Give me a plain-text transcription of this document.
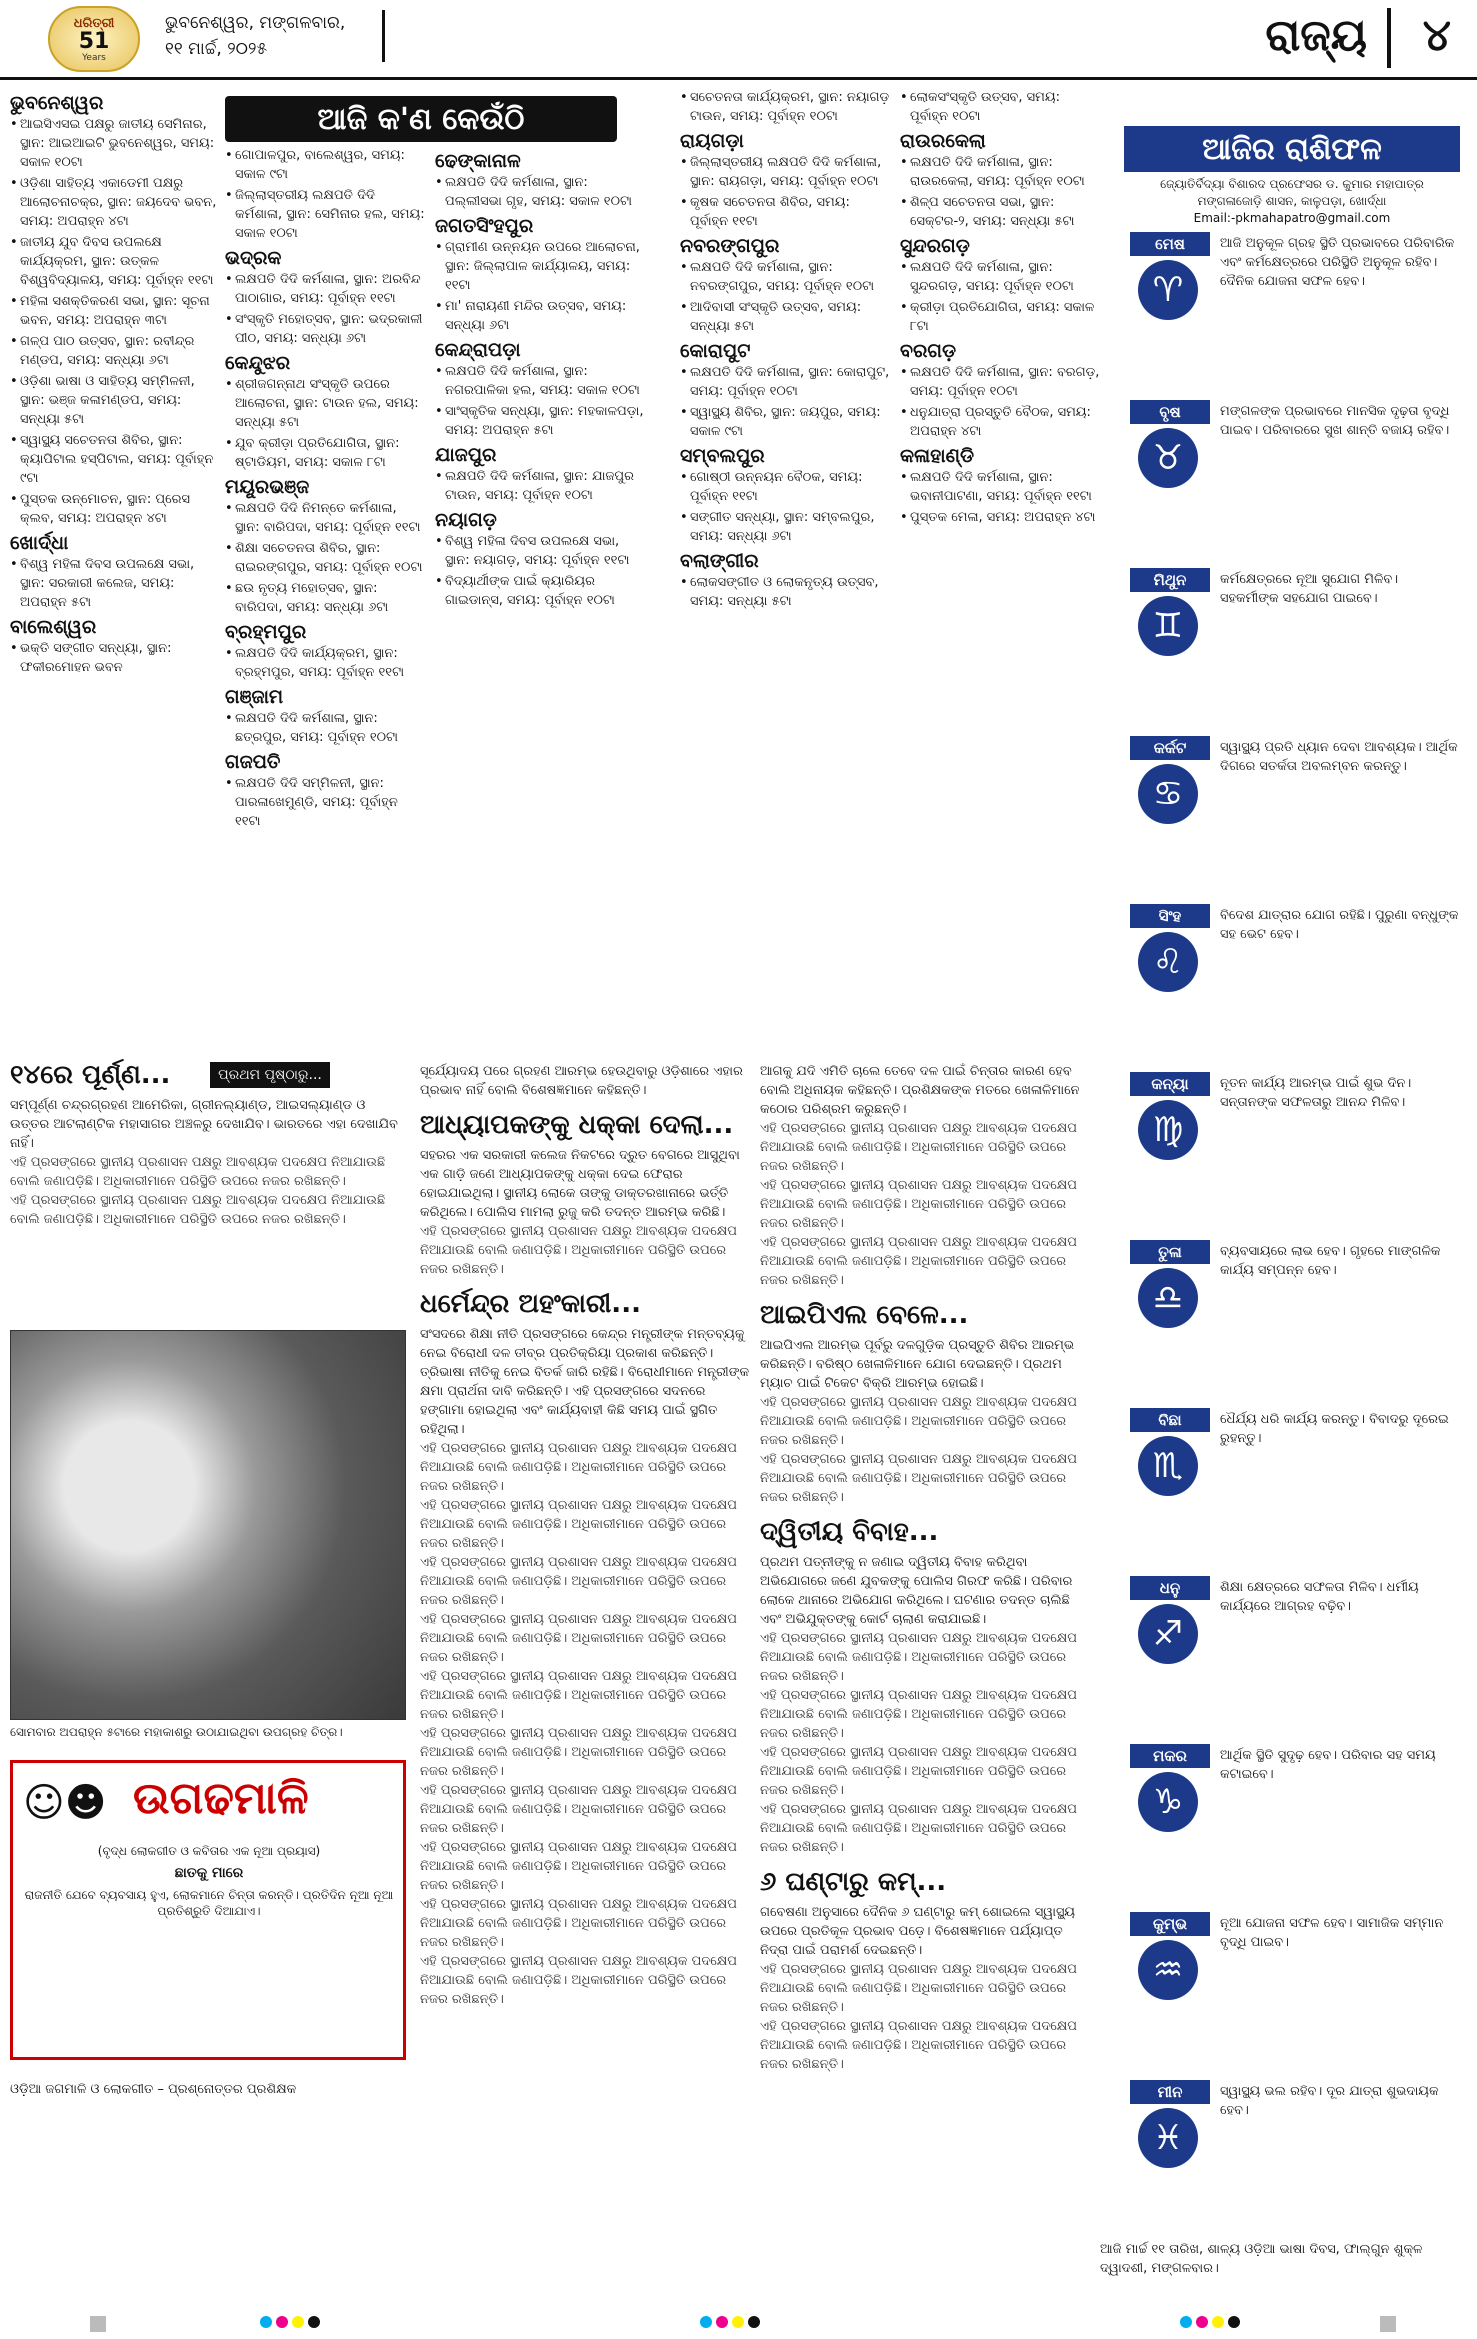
ଧରିତ୍ରୀ
51
Years
ଭୁବନେଶ୍ୱର, ମଙ୍ଗଳବାର,
୧୧ ମାର୍ଚ୍ଚ, ୨୦୨୫	ରାଜ୍ୟ ୪
ଆଜି କ'ଣ କେଉଁଠି
ଭୁବନେଶ୍ୱର
• ଆଇସିଏସଇ ପକ୍ଷରୁ ଜାତୀୟ ସେମିନାର, ସ୍ଥାନ: ଆଇଆଇଟି ଭୁବନେଶ୍ୱର, ସମୟ: ସକାଳ ୧୦ଟା
• ଓଡ଼ିଶା ସାହିତ୍ୟ ଏକାଡେମୀ ପକ୍ଷରୁ ଆଲୋଚନାଚକ୍ର, ସ୍ଥାନ: ଜୟଦେବ ଭବନ, ସମୟ: ଅପରାହ୍ନ ୪ଟା
• ଜାତୀୟ ଯୁବ ଦିବସ ଉପଲକ୍ଷେ କାର୍ଯ୍ୟକ୍ରମ, ସ୍ଥାନ: ଉତ୍କଳ ବିଶ୍ୱବିଦ୍ୟାଳୟ, ସମୟ: ପୂର୍ବାହ୍ନ ୧୧ଟା
• ମହିଳା ସଶକ୍ତିକରଣ ସଭା, ସ୍ଥାନ: ସୂଚନା ଭବନ, ସମୟ: ଅପରାହ୍ନ ୩ଟା
• ଗଳ୍ପ ପାଠ ଉତ୍ସବ, ସ୍ଥାନ: ରବୀନ୍ଦ୍ର ମଣ୍ଡପ, ସମୟ: ସନ୍ଧ୍ୟା ୬ଟା
• ଓଡ଼ିଶା ଭାଷା ଓ ସାହିତ୍ୟ ସମ୍ମିଳନୀ, ସ୍ଥାନ: ଭଞ୍ଜ କଳାମଣ୍ଡପ, ସମୟ: ସନ୍ଧ୍ୟା ୫ଟା
• ସ୍ୱାସ୍ଥ୍ୟ ସଚେତନତା ଶିବିର, ସ୍ଥାନ: କ୍ୟାପିଟାଲ ହସ୍ପିଟାଲ, ସମୟ: ପୂର୍ବାହ୍ନ ୯ଟା
• ପୁସ୍ତକ ଉନ୍ମୋଚନ, ସ୍ଥାନ: ପ୍ରେସ କ୍ଲବ, ସମୟ: ଅପରାହ୍ନ ୪ଟା
ଖୋର୍ଦ୍ଧା
• ବିଶ୍ୱ ମହିଳା ଦିବସ ଉପଲକ୍ଷେ ସଭା, ସ୍ଥାନ: ସରକାରୀ କଲେଜ, ସମୟ: ଅପରାହ୍ନ ୫ଟା
ବାଲେଶ୍ୱର
• ଭକ୍ତି ସଙ୍ଗୀତ ସନ୍ଧ୍ୟା, ସ୍ଥାନ: ଫକୀରମୋହନ ଭବନ
• ଗୋପାଳପୁର, ବାଲେଶ୍ୱର, ସମୟ: ସକାଳ ୯ଟା
• ଜିଲ୍ଲାସ୍ତରୀୟ ଲକ୍ଷପତି ଦିଦି କର୍ମଶାଳା, ସ୍ଥାନ: ସେମିନାର ହଲ, ସମୟ: ସକାଳ ୧୦ଟା
ଭଦ୍ରକ
• ଲକ୍ଷପତି ଦିଦି କର୍ମଶାଳା, ସ୍ଥାନ: ଅରବିନ୍ଦ ପାଠାଗାର, ସମୟ: ପୂର୍ବାହ୍ନ ୧୧ଟା
• ସଂସ୍କୃତି ମହୋତ୍ସବ, ସ୍ଥାନ: ଭଦ୍ରକାଳୀ ପୀଠ, ସମୟ: ସନ୍ଧ୍ୟା ୬ଟା
କେନ୍ଦୁଝର
• ଶ୍ରୀଜଗନ୍ନାଥ ସଂସ୍କୃତି ଉପରେ ଆଲୋଚନା, ସ୍ଥାନ: ଟାଉନ ହଲ, ସମୟ: ସନ୍ଧ୍ୟା ୫ଟା
• ଯୁବ କ୍ରୀଡ଼ା ପ୍ରତିଯୋଗିତା, ସ୍ଥାନ: ଷ୍ଟାଡିୟମ, ସମୟ: ସକାଳ ୮ଟା
ମୟୂରଭଞ୍ଜ
• ଲକ୍ଷପତି ଦିଦି ନିମନ୍ତେ କର୍ମଶାଳା, ସ୍ଥାନ: ବାରିପଦା, ସମୟ: ପୂର୍ବାହ୍ନ ୧୧ଟା
• ଶିକ୍ଷା ସଚେତନତା ଶିବିର, ସ୍ଥାନ: ରାଇରଙ୍ଗପୁର, ସମୟ: ପୂର୍ବାହ୍ନ ୧୦ଟା
• ଛଉ ନୃତ୍ୟ ମହୋତ୍ସବ, ସ୍ଥାନ: ବାରିପଦା, ସମୟ: ସନ୍ଧ୍ୟା ୬ଟା
ବ୍ରହ୍ମପୁର
• ଲକ୍ଷପତି ଦିଦି କାର୍ଯ୍ୟକ୍ରମ, ସ୍ଥାନ: ବ୍ରହ୍ମପୁର, ସମୟ: ପୂର୍ବାହ୍ନ ୧୧ଟା
ଗଞ୍ଜାମ
• ଲକ୍ଷପତି ଦିଦି କର୍ମଶାଳା, ସ୍ଥାନ: ଛତ୍ରପୁର, ସମୟ: ପୂର୍ବାହ୍ନ ୧୦ଟା
ଗଜପତି
• ଲକ୍ଷପତି ଦିଦି ସମ୍ମିଳନୀ, ସ୍ଥାନ: ପାରଳାଖେମୁଣ୍ଡି, ସମୟ: ପୂର୍ବାହ୍ନ ୧୧ଟା
ଢେଙ୍କାନାଳ
• ଲକ୍ଷପତି ଦିଦି କର୍ମଶାଳା, ସ୍ଥାନ: ପଲ୍ଲୀସଭା ଗୃହ, ସମୟ: ସକାଳ ୧୦ଟା
ଜଗତସିଂହପୁର
• ଗ୍ରାମୀଣ ଉନ୍ନୟନ ଉପରେ ଆଲୋଚନା, ସ୍ଥାନ: ଜିଲ୍ଲାପାଳ କାର୍ଯ୍ୟାଳୟ, ସମୟ: ୧୧ଟା
• ମା' ନାରାୟଣୀ ମନ୍ଦିର ଉତ୍ସବ, ସମୟ: ସନ୍ଧ୍ୟା ୬ଟା
କେନ୍ଦ୍ରାପଡ଼ା
• ଲକ୍ଷପତି ଦିଦି କର୍ମଶାଳା, ସ୍ଥାନ: ନଗରପାଳିକା ହଲ, ସମୟ: ସକାଳ ୧୦ଟା
• ସାଂସ୍କୃତିକ ସନ୍ଧ୍ୟା, ସ୍ଥାନ: ମହକାଳପଡ଼ା, ସମୟ: ଅପରାହ୍ନ ୫ଟା
ଯାଜପୁର
• ଲକ୍ଷପତି ଦିଦି କର୍ମଶାଳା, ସ୍ଥାନ: ଯାଜପୁର ଟାଉନ, ସମୟ: ପୂର୍ବାହ୍ନ ୧୦ଟା
ନୟାଗଡ଼
• ବିଶ୍ୱ ମହିଳା ଦିବସ ଉପଲକ୍ଷେ ସଭା, ସ୍ଥାନ: ନୟାଗଡ଼, ସମୟ: ପୂର୍ବାହ୍ନ ୧୧ଟା
• ବିଦ୍ୟାର୍ଥୀଙ୍କ ପାଇଁ କ୍ୟାରିୟର ଗାଇଡାନ୍ସ, ସମୟ: ପୂର୍ବାହ୍ନ ୧୦ଟା
• ସଚେତନତା କାର୍ଯ୍ୟକ୍ରମ, ସ୍ଥାନ: ନୟାଗଡ଼ ଟାଉନ, ସମୟ: ପୂର୍ବାହ୍ନ ୧୦ଟା
ରାୟଗଡ଼ା
• ଜିଲ୍ଲାସ୍ତରୀୟ ଲକ୍ଷପତି ଦିଦି କର୍ମଶାଳା, ସ୍ଥାନ: ରାୟଗଡ଼ା, ସମୟ: ପୂର୍ବାହ୍ନ ୧୦ଟା
• କୃଷକ ସଚେତନତା ଶିବିର, ସମୟ: ପୂର୍ବାହ୍ନ ୧୧ଟା
ନବରଙ୍ଗପୁର
• ଲକ୍ଷପତି ଦିଦି କର୍ମଶାଳା, ସ୍ଥାନ: ନବରଙ୍ଗପୁର, ସମୟ: ପୂର୍ବାହ୍ନ ୧୦ଟା
• ଆଦିବାସୀ ସଂସ୍କୃତି ଉତ୍ସବ, ସମୟ: ସନ୍ଧ୍ୟା ୫ଟା
କୋରାପୁଟ
• ଲକ୍ଷପତି ଦିଦି କର୍ମଶାଳା, ସ୍ଥାନ: କୋରାପୁଟ, ସମୟ: ପୂର୍ବାହ୍ନ ୧୦ଟା
• ସ୍ୱାସ୍ଥ୍ୟ ଶିବିର, ସ୍ଥାନ: ଜୟପୁର, ସମୟ: ସକାଳ ୯ଟା
ସମ୍ବଲପୁର
• ଗୋଷ୍ଠୀ ଉନ୍ନୟନ ବୈଠକ, ସମୟ: ପୂର୍ବାହ୍ନ ୧୧ଟା
• ସଙ୍ଗୀତ ସନ୍ଧ୍ୟା, ସ୍ଥାନ: ସମ୍ବଲପୁର, ସମୟ: ସନ୍ଧ୍ୟା ୬ଟା
ବଲାଙ୍ଗୀର
• ଲୋକସଙ୍ଗୀତ ଓ ଲୋକନୃତ୍ୟ ଉତ୍ସବ, ସମୟ: ସନ୍ଧ୍ୟା ୫ଟା
• ଲୋକସଂସ୍କୃତି ଉତ୍ସବ, ସମୟ: ପୂର୍ବାହ୍ନ ୧୦ଟା
ରାଉରକେଲା
• ଲକ୍ଷପତି ଦିଦି କର୍ମଶାଳା, ସ୍ଥାନ: ରାଉରକେଲା, ସମୟ: ପୂର୍ବାହ୍ନ ୧୦ଟା
• ଶିଳ୍ପ ସଚେତନତା ସଭା, ସ୍ଥାନ: ସେକ୍ଟର-୨, ସମୟ: ସନ୍ଧ୍ୟା ୫ଟା
ସୁନ୍ଦରଗଡ଼
• ଲକ୍ଷପତି ଦିଦି କର୍ମଶାଳା, ସ୍ଥାନ: ସୁନ୍ଦରଗଡ଼, ସମୟ: ପୂର୍ବାହ୍ନ ୧୦ଟା
• କ୍ରୀଡ଼ା ପ୍ରତିଯୋଗିତା, ସମୟ: ସକାଳ ୮ଟା
ବରଗଡ଼
• ଲକ୍ଷପତି ଦିଦି କର୍ମଶାଳା, ସ୍ଥାନ: ବରଗଡ଼, ସମୟ: ପୂର୍ବାହ୍ନ ୧୦ଟା
• ଧନୁଯାତ୍ରା ପ୍ରସ୍ତୁତି ବୈଠକ, ସମୟ: ଅପରାହ୍ନ ୪ଟା
କଳାହାଣ୍ଡି
• ଲକ୍ଷପତି ଦିଦି କର୍ମଶାଳା, ସ୍ଥାନ: ଭବାନୀପାଟଣା, ସମୟ: ପୂର୍ବାହ୍ନ ୧୧ଟା
• ପୁସ୍ତକ ମେଳା, ସମୟ: ଅପରାହ୍ନ ୪ଟା
ଆଜିର ରାଶିଫଳ
ଜ୍ୟୋତିର୍ବିଦ୍ୟା ବିଶାରଦ ପ୍ରଫେସର ଡ. କୁମାର ମହାପାତ୍ର
ମଙ୍ଗଳାଜୋଡ଼ି ଶାସନ, କାଳୁପଡ଼ା, ଖୋର୍ଦ୍ଧା
Email:-pkmahapatro@gmail.com
ମେଷ
♈
ଆଜି ଅନୁକୂଳ ଗ୍ରହ ସ୍ଥିତି ପ୍ରଭାବରେ ପରିବାରିକ ଏବଂ କର୍ମକ୍ଷେତ୍ରରେ ପରିସ୍ଥିତି ଅନୁକୂଳ ରହିବ। ଦୈନିକ ଯୋଜନା ସଫଳ ହେବ।
ବୃଷ
♉
ମଙ୍ଗଳଙ୍କ ପ୍ରଭାବରେ ମାନସିକ ଦୃଢ଼ତା ବୃଦ୍ଧି ପାଇବ। ପରିବାରରେ ସୁଖ ଶାନ୍ତି ବଜାୟ ରହିବ।
ମିଥୁନ
♊
କର୍ମକ୍ଷେତ୍ରରେ ନୂଆ ସୁଯୋଗ ମିଳିବ। ସହକର୍ମୀଙ୍କ ସହଯୋଗ ପାଇବେ।
କର୍କଟ
♋
ସ୍ୱାସ୍ଥ୍ୟ ପ୍ରତି ଧ୍ୟାନ ଦେବା ଆବଶ୍ୟକ। ଆର୍ଥିକ ଦିଗରେ ସତର୍କତା ଅବଲମ୍ବନ କରନ୍ତୁ।
ସିଂହ
♌
ବିଦେଶ ଯାତ୍ରାର ଯୋଗ ରହିଛି। ପୁରୁଣା ବନ୍ଧୁଙ୍କ ସହ ଭେଟ ହେବ।
କନ୍ୟା
♍
ନୂତନ କାର୍ଯ୍ୟ ଆରମ୍ଭ ପାଇଁ ଶୁଭ ଦିନ। ସନ୍ତାନଙ୍କ ସଫଳତାରୁ ଆନନ୍ଦ ମିଳିବ।
ତୁଳା
♎
ବ୍ୟବସାୟରେ ଲାଭ ହେବ। ଗୃହରେ ମାଙ୍ଗଳିକ କାର୍ଯ୍ୟ ସମ୍ପନ୍ନ ହେବ।
ବିଛା
♏
ଧୈର୍ଯ୍ୟ ଧରି କାର୍ଯ୍ୟ କରନ୍ତୁ। ବିବାଦରୁ ଦୂରେଇ ରୁହନ୍ତୁ।
ଧନୁ
♐
ଶିକ୍ଷା କ୍ଷେତ୍ରରେ ସଫଳତା ମିଳିବ। ଧର୍ମୀୟ କାର୍ଯ୍ୟରେ ଆଗ୍ରହ ବଢ଼ିବ।
ମକର
♑
ଆର୍ଥିକ ସ୍ଥିତି ସୁଦୃଢ଼ ହେବ। ପରିବାର ସହ ସମୟ କଟାଇବେ।
କୁମ୍ଭ
♒
ନୂଆ ଯୋଜନା ସଫଳ ହେବ। ସାମାଜିକ ସମ୍ମାନ ବୃଦ୍ଧି ପାଇବ।
ମୀନ
♓
ସ୍ୱାସ୍ଥ୍ୟ ଭଲ ରହିବ। ଦୂର ଯାତ୍ରା ଶୁଭଦାୟକ ହେବ।
ଆଜି ମାର୍ଚ୍ଚ ୧୧ ତାରିଖ, ଶାଳ୍ୟ ଓଡ଼ିଆ ଭାଷା ଦିବସ, ଫାଲ୍‌ଗୁନ ଶୁକ୍ଳ ଦ୍ୱାଦଶୀ, ମଙ୍ଗଳବାର।
୧୪ରେ ପୂର୍ଣ୍ଣ...	ପ୍ରଥମ ପୃଷ୍ଠାରୁ...

ସମ୍ପୂର୍ଣ୍ଣ ଚନ୍ଦ୍ରଗ୍ରହଣ ଆମେରିକା, ଗ୍ରୀନଲ୍ୟାଣ୍ଡ, ଆଇସଲ୍ୟାଣ୍ଡ ଓ ଉତ୍ତର ଆଟଲାଣ୍ଟିକ ମହାସାଗର ଅଞ୍ଚଳରୁ ଦେଖାଯିବ। ଭାରତରେ ଏହା ଦେଖାଯିବ ନାହିଁ।

ଏହି ପ୍ରସଙ୍ଗରେ ସ୍ଥାନୀୟ ପ୍ରଶାସନ ପକ୍ଷରୁ ଆବଶ୍ୟକ ପଦକ୍ଷେପ ନିଆଯାଉଛି ବୋଲି ଜଣାପଡ଼ିଛି। ଅଧିକାରୀମାନେ ପରିସ୍ଥିତି ଉପରେ ନଜର ରଖିଛନ୍ତି।

ଏହି ପ୍ରସଙ୍ଗରେ ସ୍ଥାନୀୟ ପ୍ରଶାସନ ପକ୍ଷରୁ ଆବଶ୍ୟକ ପଦକ୍ଷେପ ନିଆଯାଉଛି ବୋଲି ଜଣାପଡ଼ିଛି। ଅଧିକାରୀମାନେ ପରିସ୍ଥିତି ଉପରେ ନଜର ରଖିଛନ୍ତି।

ସୋମବାର ଅପରାହ୍ନ ୫ଟାରେ ମହାକାଶରୁ ଉଠାଯାଇଥିବା ଉପଗ୍ରହ ଚିତ୍ର।

ସୂର୍ଯ୍ୟୋଦୟ ପରେ ଗ୍ରହଣ ଆରମ୍ଭ ହେଉଥିବାରୁ ଓଡ଼ିଶାରେ ଏହାର ପ୍ରଭାବ ନାହିଁ ବୋଲି ବିଶେଷଜ୍ଞମାନେ କହିଛନ୍ତି।

ଆଧ୍ୟାପକଙ୍କୁ ଧକ୍କା ଦେଲା...

ସହରର ଏକ ସରକାରୀ କଲେଜ ନିକଟରେ ଦ୍ରୁତ ବେଗରେ ଆସୁଥିବା ଏକ ଗାଡ଼ି ଜଣେ ଆଧ୍ୟାପକଙ୍କୁ ଧକ୍କା ଦେଇ ଫେରାର ହୋଇଯାଇଥିଲା। ସ୍ଥାନୀୟ ଲୋକେ ତାଙ୍କୁ ଡାକ୍ତରଖାନାରେ ଭର୍ତ୍ତି କରିଥିଲେ। ପୋଲିସ ମାମଲା ରୁଜୁ କରି ତଦନ୍ତ ଆରମ୍ଭ କରିଛି।

ଏହି ପ୍ରସଙ୍ଗରେ ସ୍ଥାନୀୟ ପ୍ରଶାସନ ପକ୍ଷରୁ ଆବଶ୍ୟକ ପଦକ୍ଷେପ ନିଆଯାଉଛି ବୋଲି ଜଣାପଡ଼ିଛି। ଅଧିକାରୀମାନେ ପରିସ୍ଥିତି ଉପରେ ନଜର ରଖିଛନ୍ତି।

ଧର୍ମେନ୍ଦ୍ର ଅହଂକାରୀ...

ସଂସଦରେ ଶିକ୍ଷା ନୀତି ପ୍ରସଙ୍ଗରେ କେନ୍ଦ୍ର ମନ୍ତ୍ରୀଙ୍କ ମନ୍ତବ୍ୟକୁ ନେଇ ବିରୋଧୀ ଦଳ ତୀବ୍ର ପ୍ରତିକ୍ରିୟା ପ୍ରକାଶ କରିଛନ୍ତି। ତ୍ରିଭାଷା ନୀତିକୁ ନେଇ ବିତର୍କ ଜାରି ରହିଛି। ବିରୋଧୀମାନେ ମନ୍ତ୍ରୀଙ୍କ କ୍ଷମା ପ୍ରାର୍ଥନା ଦାବି କରିଛନ୍ତି। ଏହି ପ୍ରସଙ୍ଗରେ ସଦନରେ ହଙ୍ଗାମା ହୋଇଥିଲା ଏବଂ କାର୍ଯ୍ୟବାହୀ କିଛି ସମୟ ପାଇଁ ସ୍ଥଗିତ ରହିଥିଲା।

ଏହି ପ୍ରସଙ୍ଗରେ ସ୍ଥାନୀୟ ପ୍ରଶାସନ ପକ୍ଷରୁ ଆବଶ୍ୟକ ପଦକ୍ଷେପ ନିଆଯାଉଛି ବୋଲି ଜଣାପଡ଼ିଛି। ଅଧିକାରୀମାନେ ପରିସ୍ଥିତି ଉପରେ ନଜର ରଖିଛନ୍ତି।

ଏହି ପ୍ରସଙ୍ଗରେ ସ୍ଥାନୀୟ ପ୍ରଶାସନ ପକ୍ଷରୁ ଆବଶ୍ୟକ ପଦକ୍ଷେପ ନିଆଯାଉଛି ବୋଲି ଜଣାପଡ଼ିଛି। ଅଧିକାରୀମାନେ ପରିସ୍ଥିତି ଉପରେ ନଜର ରଖିଛନ୍ତି।

ଏହି ପ୍ରସଙ୍ଗରେ ସ୍ଥାନୀୟ ପ୍ରଶାସନ ପକ୍ଷରୁ ଆବଶ୍ୟକ ପଦକ୍ଷେପ ନିଆଯାଉଛି ବୋଲି ଜଣାପଡ଼ିଛି। ଅଧିକାରୀମାନେ ପରିସ୍ଥିତି ଉପରେ ନଜର ରଖିଛନ୍ତି।

ଏହି ପ୍ରସଙ୍ଗରେ ସ୍ଥାନୀୟ ପ୍ରଶାସନ ପକ୍ଷରୁ ଆବଶ୍ୟକ ପଦକ୍ଷେପ ନିଆଯାଉଛି ବୋଲି ଜଣାପଡ଼ିଛି। ଅଧିକାରୀମାନେ ପରିସ୍ଥିତି ଉପରେ ନଜର ରଖିଛନ୍ତି।

ଏହି ପ୍ରସଙ୍ଗରେ ସ୍ଥାନୀୟ ପ୍ରଶାସନ ପକ୍ଷରୁ ଆବଶ୍ୟକ ପଦକ୍ଷେପ ନିଆଯାଉଛି ବୋଲି ଜଣାପଡ଼ିଛି। ଅଧିକାରୀମାନେ ପରିସ୍ଥିତି ଉପରେ ନଜର ରଖିଛନ୍ତି।

ଏହି ପ୍ରସଙ୍ଗରେ ସ୍ଥାନୀୟ ପ୍ରଶାସନ ପକ୍ଷରୁ ଆବଶ୍ୟକ ପଦକ୍ଷେପ ନିଆଯାଉଛି ବୋଲି ଜଣାପଡ଼ିଛି। ଅଧିକାରୀମାନେ ପରିସ୍ଥିତି ଉପରେ ନଜର ରଖିଛନ୍ତି।

ଏହି ପ୍ରସଙ୍ଗରେ ସ୍ଥାନୀୟ ପ୍ରଶାସନ ପକ୍ଷରୁ ଆବଶ୍ୟକ ପଦକ୍ଷେପ ନିଆଯାଉଛି ବୋଲି ଜଣାପଡ଼ିଛି। ଅଧିକାରୀମାନେ ପରିସ୍ଥିତି ଉପରେ ନଜର ରଖିଛନ୍ତି।

ଏହି ପ୍ରସଙ୍ଗରେ ସ୍ଥାନୀୟ ପ୍ରଶାସନ ପକ୍ଷରୁ ଆବଶ୍ୟକ ପଦକ୍ଷେପ ନିଆଯାଉଛି ବୋଲି ଜଣାପଡ଼ିଛି। ଅଧିକାରୀମାନେ ପରିସ୍ଥିତି ଉପରେ ନଜର ରଖିଛନ୍ତି।

ଏହି ପ୍ରସଙ୍ଗରେ ସ୍ଥାନୀୟ ପ୍ରଶାସନ ପକ୍ଷରୁ ଆବଶ୍ୟକ ପଦକ୍ଷେପ ନିଆଯାଉଛି ବୋଲି ଜଣାପଡ଼ିଛି। ଅଧିକାରୀମାନେ ପରିସ୍ଥିତି ଉପରେ ନଜର ରଖିଛନ୍ତି।

ଏହି ପ୍ରସଙ୍ଗରେ ସ୍ଥାନୀୟ ପ୍ରଶାସନ ପକ୍ଷରୁ ଆବଶ୍ୟକ ପଦକ୍ଷେପ ନିଆଯାଉଛି ବୋଲି ଜଣାପଡ଼ିଛି। ଅଧିକାରୀମାନେ ପରିସ୍ଥିତି ଉପରେ ନଜର ରଖିଛନ୍ତି।

ଆଗକୁ ଯଦି ଏମିତି ଚାଲେ ତେବେ ଦଳ ପାଇଁ ଚିନ୍ତାର କାରଣ ହେବ ବୋଲି ଅଧିନାୟକ କହିଛନ୍ତି। ପ୍ରଶିକ୍ଷକଙ୍କ ମତରେ ଖେଳାଳିମାନେ କଠୋର ପରିଶ୍ରମ କରୁଛନ୍ତି।

ଏହି ପ୍ରସଙ୍ଗରେ ସ୍ଥାନୀୟ ପ୍ରଶାସନ ପକ୍ଷରୁ ଆବଶ୍ୟକ ପଦକ୍ଷେପ ନିଆଯାଉଛି ବୋଲି ଜଣାପଡ଼ିଛି। ଅଧିକାରୀମାନେ ପରିସ୍ଥିତି ଉପରେ ନଜର ରଖିଛନ୍ତି।

ଏହି ପ୍ରସଙ୍ଗରେ ସ୍ଥାନୀୟ ପ୍ରଶାସନ ପକ୍ଷରୁ ଆବଶ୍ୟକ ପଦକ୍ଷେପ ନିଆଯାଉଛି ବୋଲି ଜଣାପଡ଼ିଛି। ଅଧିକାରୀମାନେ ପରିସ୍ଥିତି ଉପରେ ନଜର ରଖିଛନ୍ତି।

ଏହି ପ୍ରସଙ୍ଗରେ ସ୍ଥାନୀୟ ପ୍ରଶାସନ ପକ୍ଷରୁ ଆବଶ୍ୟକ ପଦକ୍ଷେପ ନିଆଯାଉଛି ବୋଲି ଜଣାପଡ଼ିଛି। ଅଧିକାରୀମାନେ ପରିସ୍ଥିତି ଉପରେ ନଜର ରଖିଛନ୍ତି।

ଆଇପିଏଲ ବେଳେ...

ଆଇପିଏଲ ଆରମ୍ଭ ପୂର୍ବରୁ ଦଳଗୁଡ଼ିକ ପ୍ରସ୍ତୁତି ଶିବିର ଆରମ୍ଭ କରିଛନ୍ତି। ବରିଷ୍ଠ ଖେଳାଳିମାନେ ଯୋଗ ଦେଇଛନ୍ତି। ପ୍ରଥମ ମ୍ୟାଚ ପାଇଁ ଟିକେଟ ବିକ୍ରି ଆରମ୍ଭ ହୋଇଛି।

ଏହି ପ୍ରସଙ୍ଗରେ ସ୍ଥାନୀୟ ପ୍ରଶାସନ ପକ୍ଷରୁ ଆବଶ୍ୟକ ପଦକ୍ଷେପ ନିଆଯାଉଛି ବୋଲି ଜଣାପଡ଼ିଛି। ଅଧିକାରୀମାନେ ପରିସ୍ଥିତି ଉପରେ ନଜର ରଖିଛନ୍ତି।

ଏହି ପ୍ରସଙ୍ଗରେ ସ୍ଥାନୀୟ ପ୍ରଶାସନ ପକ୍ଷରୁ ଆବଶ୍ୟକ ପଦକ୍ଷେପ ନିଆଯାଉଛି ବୋଲି ଜଣାପଡ଼ିଛି। ଅଧିକାରୀମାନେ ପରିସ୍ଥିତି ଉପରେ ନଜର ରଖିଛନ୍ତି।

ଦ୍ୱିତୀୟ ବିବାହ...

ପ୍ରଥମ ପତ୍ନୀଙ୍କୁ ନ ଜଣାଇ ଦ୍ୱିତୀୟ ବିବାହ କରିଥିବା ଅଭିଯୋଗରେ ଜଣେ ଯୁବକଙ୍କୁ ପୋଲିସ ଗିରଫ କରିଛି। ପରିବାର ଲୋକେ ଥାନାରେ ଅଭିଯୋଗ କରିଥିଲେ। ଘଟଣାର ତଦନ୍ତ ଚାଲିଛି ଏବଂ ଅଭିଯୁକ୍ତଙ୍କୁ କୋର୍ଟ ଚାଲାଣ କରାଯାଇଛି।

ଏହି ପ୍ରସଙ୍ଗରେ ସ୍ଥାନୀୟ ପ୍ରଶାସନ ପକ୍ଷରୁ ଆବଶ୍ୟକ ପଦକ୍ଷେପ ନିଆଯାଉଛି ବୋଲି ଜଣାପଡ଼ିଛି। ଅଧିକାରୀମାନେ ପରିସ୍ଥିତି ଉପରେ ନଜର ରଖିଛନ୍ତି।

ଏହି ପ୍ରସଙ୍ଗରେ ସ୍ଥାନୀୟ ପ୍ରଶାସନ ପକ୍ଷରୁ ଆବଶ୍ୟକ ପଦକ୍ଷେପ ନିଆଯାଉଛି ବୋଲି ଜଣାପଡ଼ିଛି। ଅଧିକାରୀମାନେ ପରିସ୍ଥିତି ଉପରେ ନଜର ରଖିଛନ୍ତି।

ଏହି ପ୍ରସଙ୍ଗରେ ସ୍ଥାନୀୟ ପ୍ରଶାସନ ପକ୍ଷରୁ ଆବଶ୍ୟକ ପଦକ୍ଷେପ ନିଆଯାଉଛି ବୋଲି ଜଣାପଡ଼ିଛି। ଅଧିକାରୀମାନେ ପରିସ୍ଥିତି ଉପରେ ନଜର ରଖିଛନ୍ତି।

ଏହି ପ୍ରସଙ୍ଗରେ ସ୍ଥାନୀୟ ପ୍ରଶାସନ ପକ୍ଷରୁ ଆବଶ୍ୟକ ପଦକ୍ଷେପ ନିଆଯାଉଛି ବୋଲି ଜଣାପଡ଼ିଛି। ଅଧିକାରୀମାନେ ପରିସ୍ଥିତି ଉପରେ ନଜର ରଖିଛନ୍ତି।

୬ ଘଣ୍ଟାରୁ କମ୍...

ଗବେଷଣା ଅନୁସାରେ ଦୈନିକ ୬ ଘଣ୍ଟାରୁ କମ୍ ଶୋଇଲେ ସ୍ୱାସ୍ଥ୍ୟ ଉପରେ ପ୍ରତିକୂଳ ପ୍ରଭାବ ପଡ଼େ। ବିଶେଷଜ୍ଞମାନେ ପର୍ଯ୍ୟାପ୍ତ ନିଦ୍ରା ପାଇଁ ପରାମର୍ଶ ଦେଇଛନ୍ତି।

ଏହି ପ୍ରସଙ୍ଗରେ ସ୍ଥାନୀୟ ପ୍ରଶାସନ ପକ୍ଷରୁ ଆବଶ୍ୟକ ପଦକ୍ଷେପ ନିଆଯାଉଛି ବୋଲି ଜଣାପଡ଼ିଛି। ଅଧିକାରୀମାନେ ପରିସ୍ଥିତି ଉପରେ ନଜର ରଖିଛନ୍ତି।

ଏହି ପ୍ରସଙ୍ଗରେ ସ୍ଥାନୀୟ ପ୍ରଶାସନ ପକ୍ଷରୁ ଆବଶ୍ୟକ ପଦକ୍ଷେପ ନିଆଯାଉଛି ବୋଲି ଜଣାପଡ଼ିଛି। ଅଧିକାରୀମାନେ ପରିସ୍ଥିତି ଉପରେ ନଜର ରଖିଛନ୍ତି।

☺☻ ଉଗଢମାଳି
(ବୃଦ୍ଧ ଲୋକଗୀତ ଓ କବିତାର ଏକ ନୂଆ ପ୍ରୟାସ)
ଛାତକୁ ମାରେ
ରାଜନୀତି ଯେବେ ବ୍ୟବସାୟ ହୁଏ, ଲୋକମାନେ ଚିନ୍ତା କରନ୍ତି। ପ୍ରତିଦିନ ନୂଆ ନୂଆ ପ୍ରତିଶ୍ରୁତି ଦିଆଯାଏ।
ଓଡ଼ିଆ ଜଗମାଳି ଓ ଲୋକଗୀତ – ପ୍ରଶ୍ନୋତ୍ତର ପ୍ରଶିକ୍ଷକ
